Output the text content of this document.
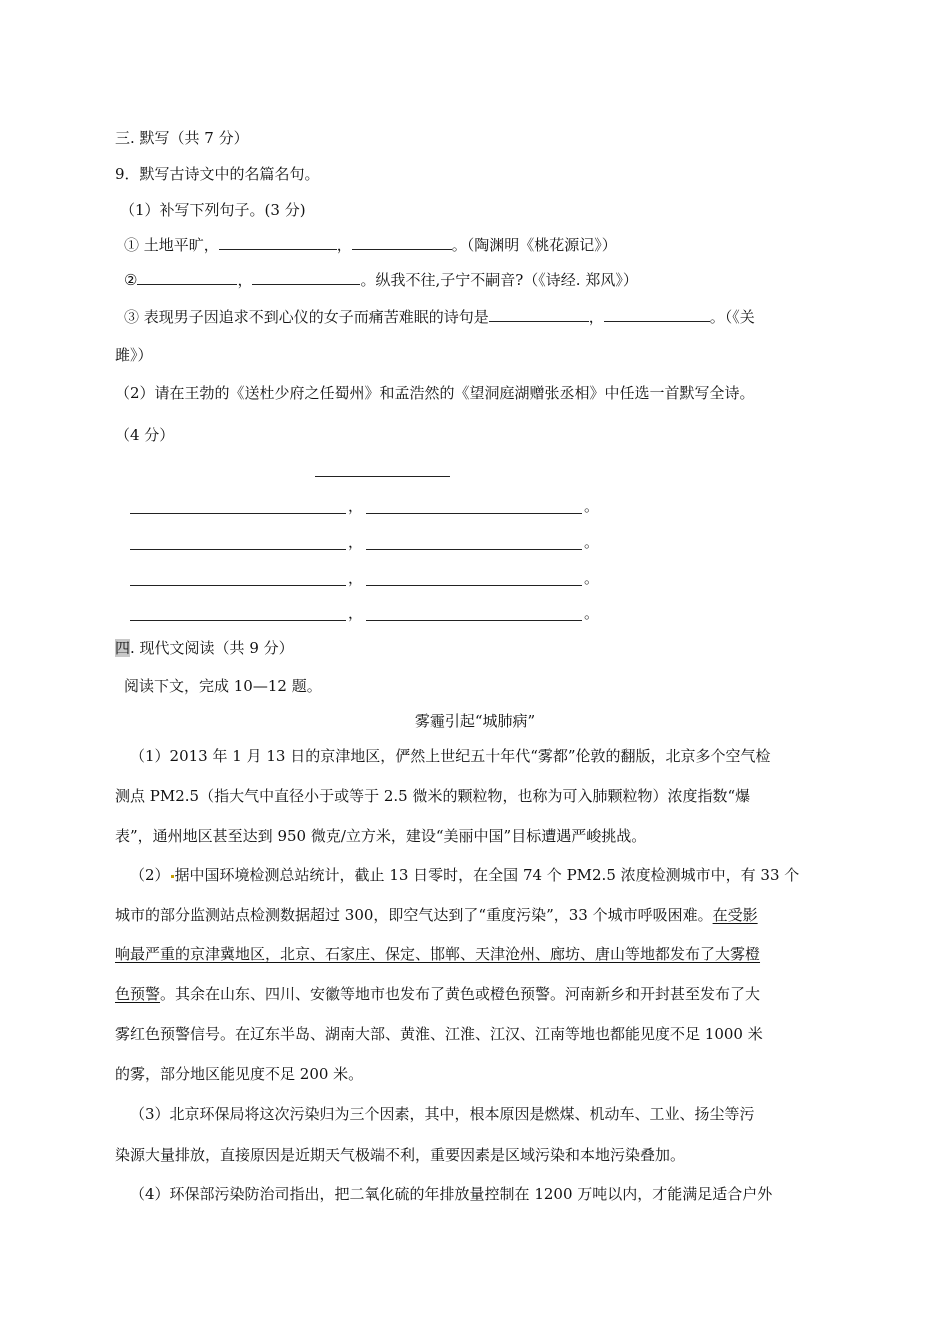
三. 默写（共 7 分）
9．默写古诗文中的名篇名句。
（1）补写下列句子。(3 分)
① 土地平旷，	，	。（陶渊明《桃花源记》）
②	，	。纵我不往,子宁不嗣音?（《诗经. 郑风》）
③ 表现男子因追求不到心仪的女子而痛苦难眠的诗句是	，	。（《关
雎》）
（2）请在王勃的《送杜少府之任蜀州》和孟浩然的《望洞庭湖赠张丞相》中任选一首默写全诗。
（4 分）
，	。
，	。
，	。
，	。
四. 现代文阅读（共 9 分）
阅读下文，完成 10—12 题。
雾霾引起“城肺病”
（1）2013 年 1 月 13 日的京津地区，俨然上世纪五十年代“雾都”伦敦的翻版，北京多个空气检
测点 PM2.5（指大气中直径小于或等于 2.5 微米的颗粒物，也称为可入肺颗粒物）浓度指数“爆
表”，通州地区甚至达到 950 微克/立方米，建设“美丽中国”目标遭遇严峻挑战。
（2） 据中国环境检测总站统计，截止 13 日零时，在全国 74 个 PM2.5 浓度检测城市中，有 33 个
城市的部分监测站点检测数据超过 300，即空气达到了“重度污染”，33 个城市呼吸困难。在受影
响最严重的京津冀地区，北京、石家庄、保定、邯郸、天津沧州、廊坊、唐山等地都发布了大雾橙
色预警。其余在山东、四川、安徽等地市也发布了黄色或橙色预警。河南新乡和开封甚至发布了大
雾红色预警信号。在辽东半岛、湖南大部、黄淮、江淮、江汉、江南等地也都能见度不足 1000 米
的雾，部分地区能见度不足 200 米。
（3）北京环保局将这次污染归为三个因素，其中，根本原因是燃煤、机动车、工业、扬尘等污
染源大量排放，直接原因是近期天气极端不利，重要因素是区域污染和本地污染叠加。
（4）环保部污染防治司指出，把二氧化硫的年排放量控制在 1200 万吨以内，才能满足适合户外
